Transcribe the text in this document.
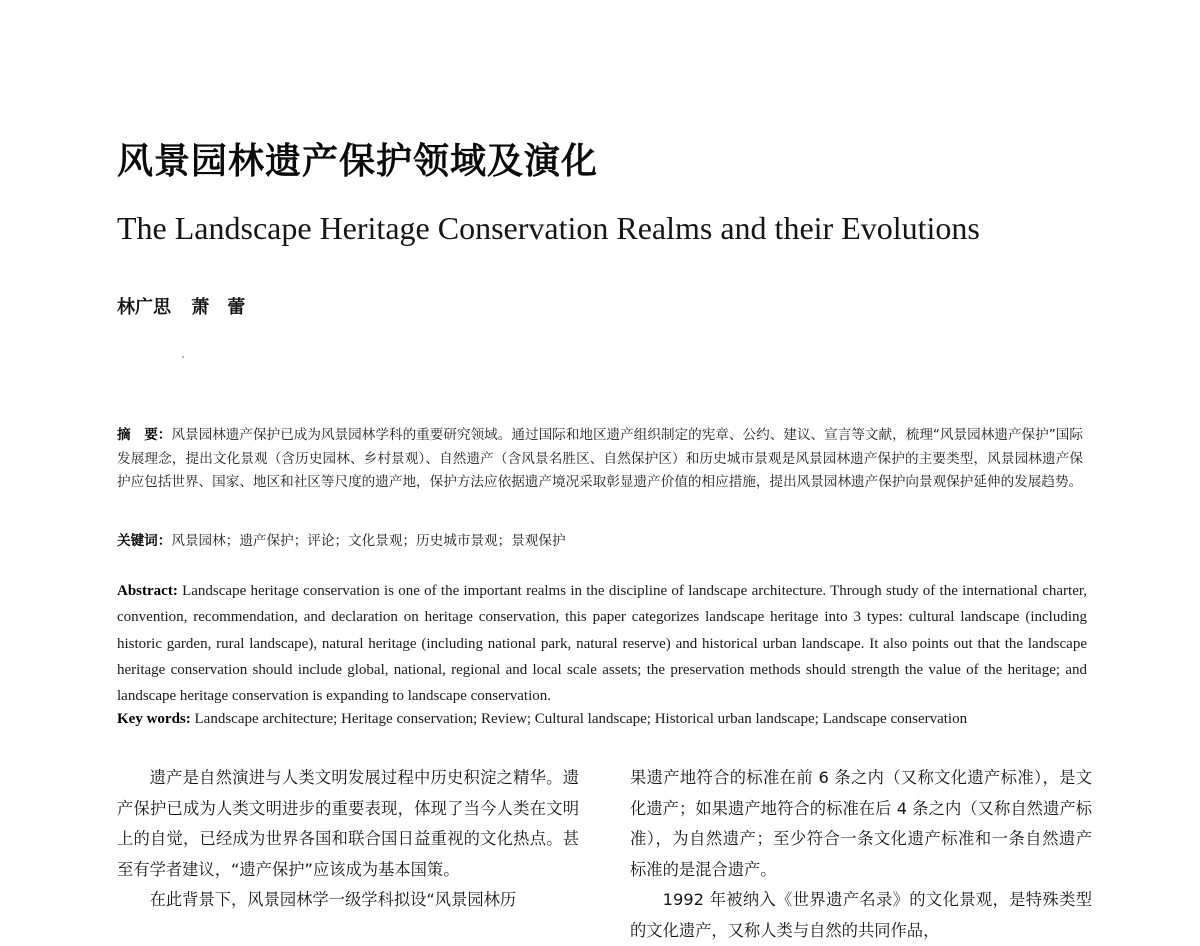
风景园林遗产保护领域及演化
The Landscape Heritage Conservation Realms and their Evolutions
林广思 萧　蕾
摘　要：风景园林遗产保护已成为风景园林学科的重要研究领域。通过国际和地区遗产组织制定的宪章、公约、建议、宣言等文献，梳理“风景园林遗产保护”国际发展理念，提出文化景观（含历史园林、乡村景观）、自然遗产（含风景名胜区、自然保护区）和历史城市景观是风景园林遗产保护的主要类型，风景园林遗产保护应包括世界、国家、地区和社区等尺度的遗产地，保护方法应依据遗产境况采取彰显遗产价值的相应措施，提出风景园林遗产保护向景观保护延伸的发展趋势。
关键词：风景园林；遗产保护；评论；文化景观；历史城市景观；景观保护
Abstract: Landscape heritage conservation is one of the important realms in the discipline of landscape architecture. Through study of the international charter, convention, recommendation, and declaration on heritage conservation, this paper categorizes landscape heritage into 3 types: cultural landscape (including historic garden, rural landscape), natural heritage (including national park, natural reserve) and historical urban landscape. It also points out that the landscape heritage conservation should include global, national, regional and local scale assets; the preservation methods should strength the value of the heritage; and landscape heritage conservation is expanding to landscape conservation.
Key words: Landscape architecture; Heritage conservation; Review; Cultural landscape; Historical urban landscape; Landscape conservation

遗产是自然演进与人类文明发展过程中历史积淀之精华。遗产保护已成为人类文明进步的重要表现，体现了当今人类在文明上的自觉，已经成为世界各国和联合国日益重视的文化热点。甚至有学者建议，“遗产保护”应该成为基本国策。

在此背景下，风景园林学一级学科拟设“风景园林历

果遗产地符合的标准在前 6 条之内（又称文化遗产标准），是文化遗产；如果遗产地符合的标准在后 4 条之内（又称自然遗产标准），为自然遗产；至少符合一条文化遗产标准和一条自然遗产标准的是混合遗产。

1992 年被纳入《世界遗产名录》的文化景观，是特殊类型的文化遗产，又称人类与自然的共同作品，
